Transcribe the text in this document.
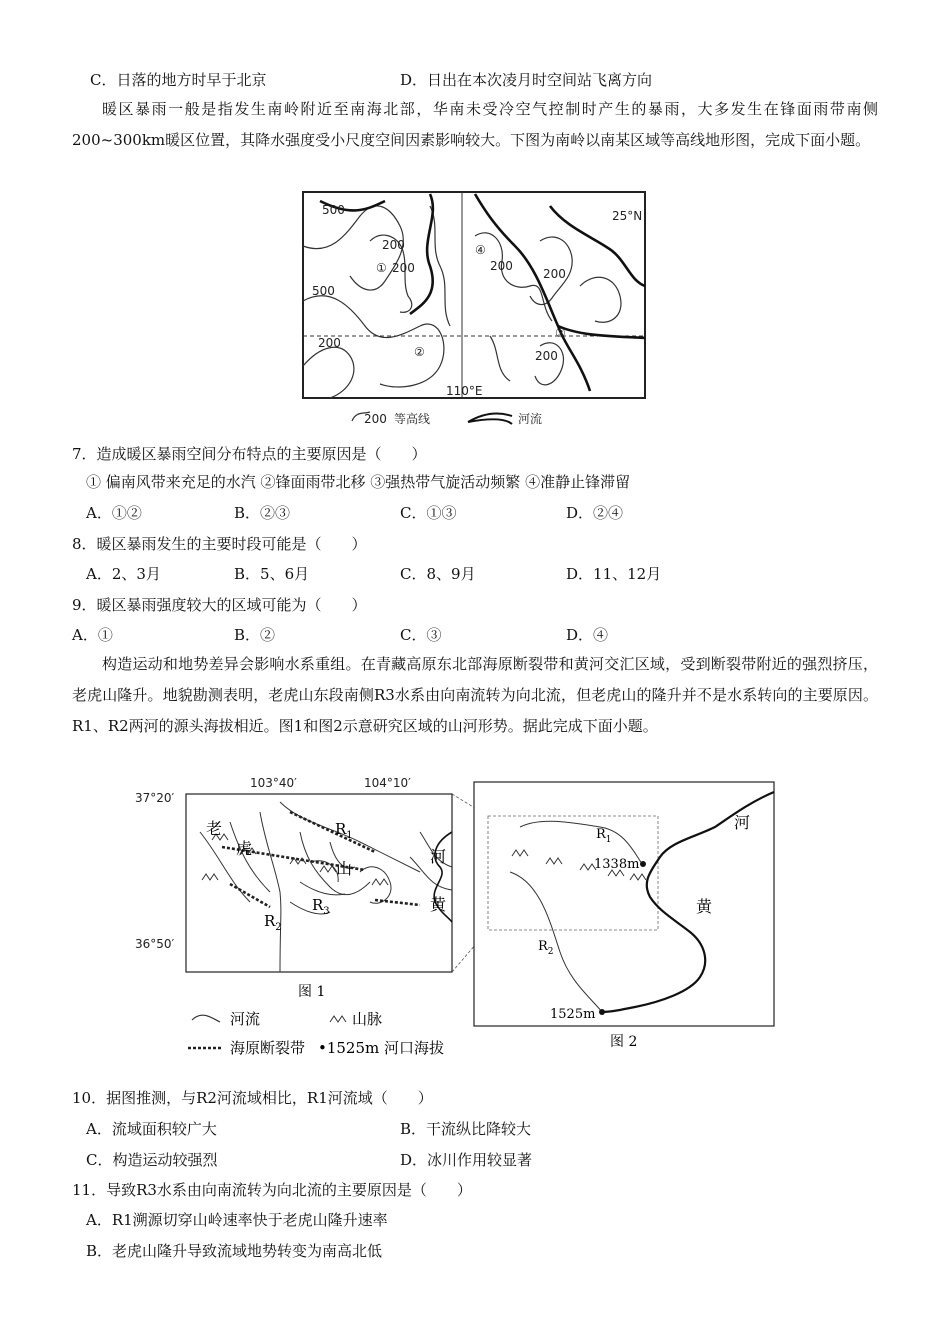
C．日落的地方时早于北京	D．日出在本次凌月时空间站飞离方向
暖区暴雨一般是指发生南岭附近至南海北部，华南未受冷空气控制时产生的暴雨，大多发生在锋面雨带南侧200~300km暖区位置，其降水强度受小尺度空间因素影响较大。下图为南岭以南某区域等高线地形图，完成下面小题。
500	25°N
200
① 200
④
200
200
500
③
200
②	200
110°E
200 等高线	河流
7．造成暖区暴雨空间分布特点的主要原因是（　　）
① 偏南风带来充足的水汽 ②锋面雨带北移 ③强热带气旋活动频繁 ④准静止锋滞留
A．①②	B．②③	C．①③	D．②④
8．暖区暴雨发生的主要时段可能是（　　）
A．2、3月	B．5、6月	C．8、9月	D．11、12月
9．暖区暴雨强度较大的区域可能为（　　）
A．①	B．②	C．③	D．④
构造运动和地势差异会影响水系重组。在青藏高原东北部海原断裂带和黄河交汇区域，受到断裂带附近的强烈挤压，老虎山隆升。地貌勘测表明，老虎山东段南侧R3水系由向南流转为向北流，但老虎山的隆升并不是水系转向的主要原因。R1、R2两河的源头海拔相近。图1和图2示意研究区域的山河形势。据此完成下面小题。
103°40′	104°10′
37°20′
36°50′
老
虎
山
河
黄
$R_1$
$R_2$
$R_3$
图 1
$R_1$
$R_2$
1338m
1525m
河
黄
图 2
河流	山脉
海原断裂带 •1525m 河口海拔
10．据图推测，与R2河流域相比，R1河流域（　　）
A．流域面积较广大	B．干流纵比降较大
C．构造运动较强烈	D．冰川作用较显著
11．导致R3水系由向南流转为向北流的主要原因是（　　）
A．R1溯源切穿山岭速率快于老虎山隆升速率
B．老虎山隆升导致流域地势转变为南高北低
